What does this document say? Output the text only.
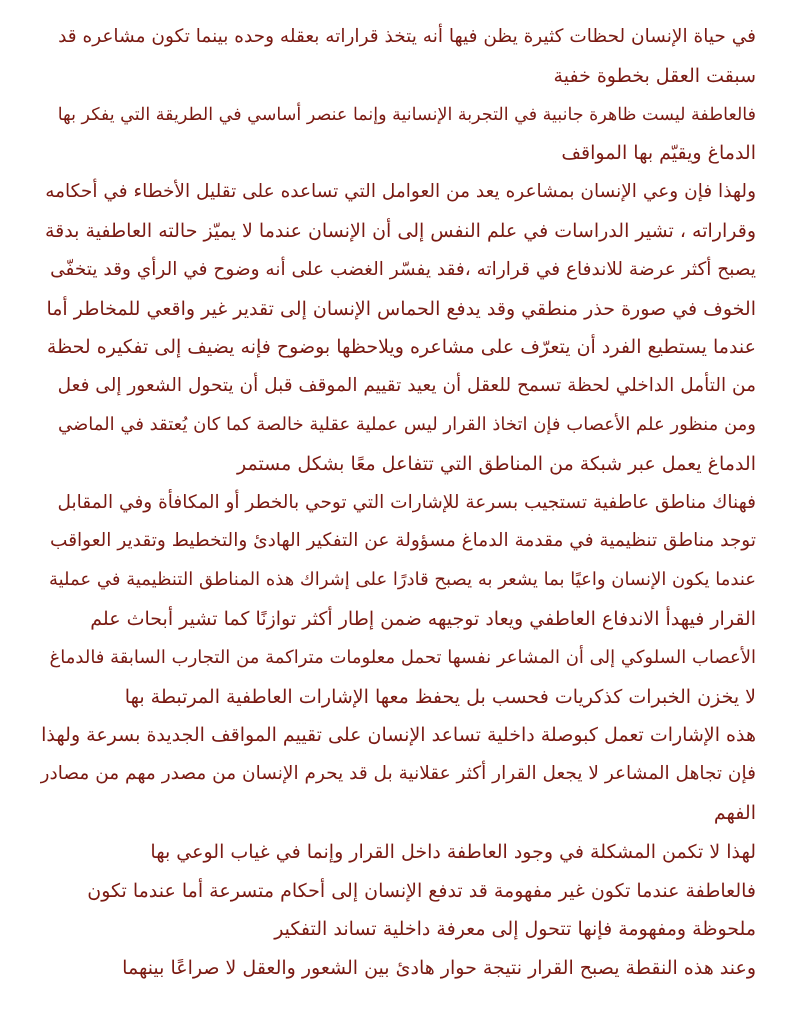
في حياة الإنسان لحظات كثيرة يظن فيها أنه يتخذ قراراته بعقله وحده بينما تكون مشاعره قد
سبقت العقل بخطوة خفية
فالعاطفة ليست ظاهرة جانبية في التجربة الإنسانية وإنما عنصر أساسي في الطريقة التي يفكر بها
الدماغ ويقيّم بها المواقف
ولهذا فإن وعي الإنسان بمشاعره يعد من العوامل التي تساعده على تقليل الأخطاء في أحكامه
وقراراته ، تشير الدراسات في علم النفس إلى أن الإنسان عندما لا يميّز حالته العاطفية بدقة
يصبح أكثر عرضة للاندفاع في قراراته ،فقد يفسّر الغضب على أنه وضوح في الرأي وقد يتخفّى
الخوف في صورة حذر منطقي وقد يدفع الحماس الإنسان إلى تقدير غير واقعي للمخاطر أما
عندما يستطيع الفرد أن يتعرّف على مشاعره ويلاحظها بوضوح فإنه يضيف إلى تفكيره لحظة
من التأمل الداخلي لحظة تسمح للعقل أن يعيد تقييم الموقف قبل أن يتحول الشعور إلى فعل
ومن منظور علم الأعصاب فإن اتخاذ القرار ليس عملية عقلية خالصة كما كان يُعتقد في الماضي
الدماغ يعمل عبر شبكة من المناطق التي تتفاعل معًا بشكل مستمر
فهناك مناطق عاطفية تستجيب بسرعة للإشارات التي توحي بالخطر أو المكافأة وفي المقابل
توجد مناطق تنظيمية في مقدمة الدماغ مسؤولة عن التفكير الهادئ والتخطيط وتقدير العواقب
عندما يكون الإنسان واعيًا بما يشعر به يصبح قادرًا على إشراك هذه المناطق التنظيمية في عملية
القرار فيهدأ الاندفاع العاطفي ويعاد توجيهه ضمن إطار أكثر توازنًا كما تشير أبحاث علم
الأعصاب السلوكي إلى أن المشاعر نفسها تحمل معلومات متراكمة من التجارب السابقة فالدماغ
لا يخزن الخبرات كذكريات فحسب بل يحفظ معها الإشارات العاطفية المرتبطة بها
هذه الإشارات تعمل كبوصلة داخلية تساعد الإنسان على تقييم المواقف الجديدة بسرعة ولهذا
فإن تجاهل المشاعر لا يجعل القرار أكثر عقلانية بل قد يحرم الإنسان من مصدر مهم من مصادر
الفهم
لهذا لا تكمن المشكلة في وجود العاطفة داخل القرار وإنما في غياب الوعي بها
فالعاطفة عندما تكون غير مفهومة قد تدفع الإنسان إلى أحكام متسرعة أما عندما تكون
ملحوظة ومفهومة فإنها تتحول إلى معرفة داخلية تساند التفكير
وعند هذه النقطة يصبح القرار نتيجة حوار هادئ بين الشعور والعقل لا صراعًا بينهما
